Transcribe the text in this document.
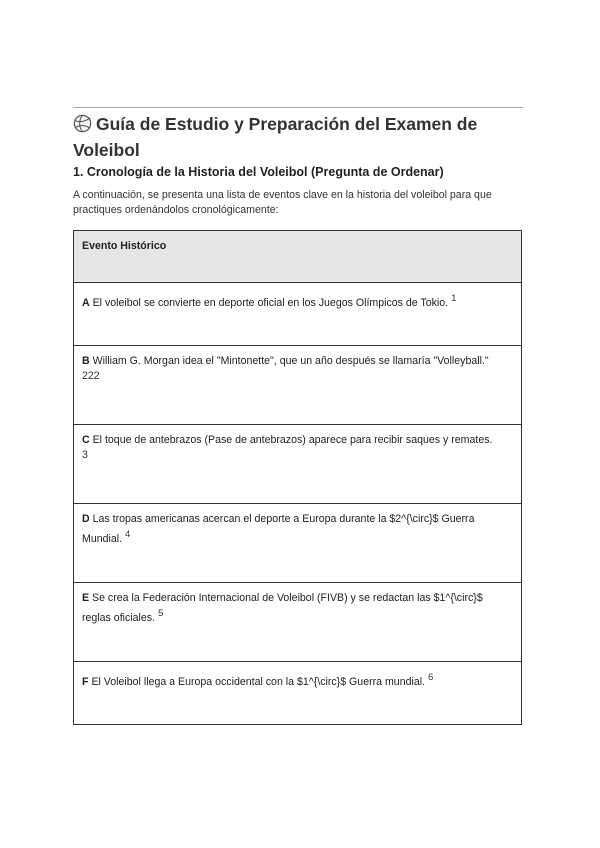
Guía de Estudio y Preparación del Examen de Voleibol
1. Cronología de la Historia del Voleibol (Pregunta de Ordenar)

A continuación, se presenta una lista de eventos clave en la historia del voleibol para que practiques ordenándolos cronológicamente:

Evento Histórico
A El voleibol se convierte en deporte oficial en los Juegos Olímpicos de Tokio. $^1$
B William G. Morgan idea el "Mintonette", que un año después se llamaría "Volleyball."
222

C El toque de antebrazos (Pase de antebrazos) aparece para recibir saques y remates.
3

D Las tropas americanas acercan el deporte a Europa durante la $2^{\circ}$ Guerra Mundial. $^4$
E Se crea la Federación Internacional de Voleibol (FIVB) y se redactan las $1^{\circ}$ reglas oficiales. $^5$
F El Voleibol llega a Europa occidental con la $1^{\circ}$ Guerra mundial. $^6$
